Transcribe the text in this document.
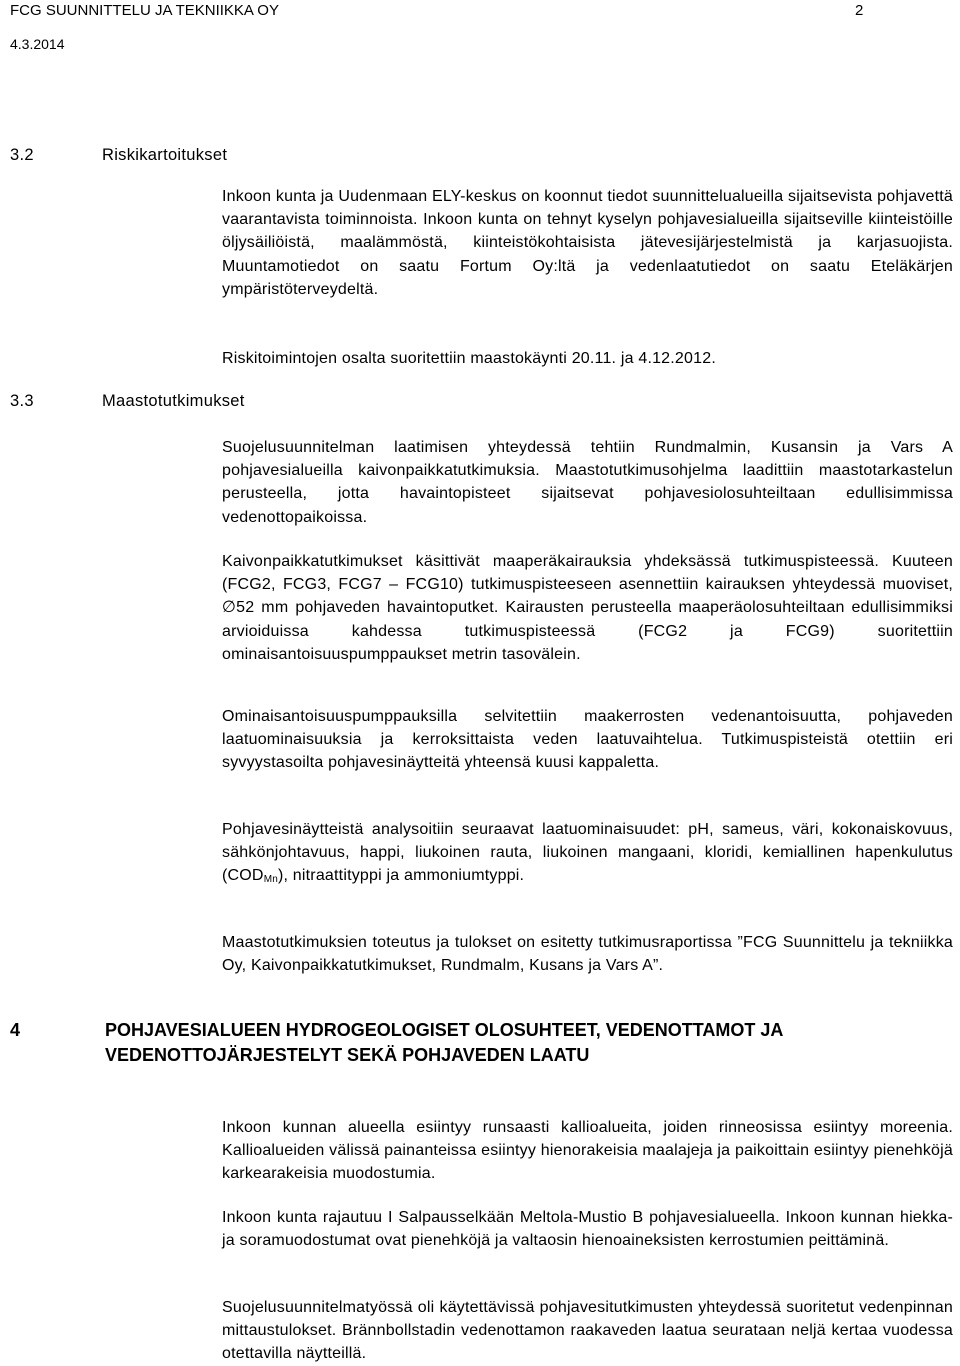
FCG SUUNNITTELU JA TEKNIIKKA OY	2
4.3.2014
3.2	Riskikartoitukset
Inkoon kunta ja Uudenmaan ELY-keskus on koonnut tiedot suunnittelualueilla sijaitsevista pohjavettä vaarantavista toiminnoista. Inkoon kunta on tehnyt kyselyn pohjavesialueilla sijaitseville kiinteistöille öljysäiliöistä, maalämmöstä, kiinteistökohtaisista jätevesijärjestelmistä ja karjasuojista. Muuntamotiedot on saatu Fortum Oy:ltä ja vedenlaatutiedot on saatu Eteläkärjen ympäristöterveydeltä.
Riskitoimintojen osalta suoritettiin maastokäynti 20.11. ja 4.12.2012.
3.3	Maastotutkimukset
Suojelusuunnitelman laatimisen yhteydessä tehtiin Rundmalmin, Kusansin ja Vars A pohjavesialueilla kaivonpaikkatutkimuksia. Maastotutkimusohjelma laadittiin maastotarkastelun perusteella, jotta havaintopisteet sijaitsevat pohjavesiolosuhteiltaan edullisimmissa vedenottopaikoissa.
Kaivonpaikkatutkimukset käsittivät maaperäkairauksia yhdeksässä tutkimuspisteessä. Kuuteen (FCG2, FCG3, FCG7 – FCG10) tutkimuspisteeseen asennettiin kairauksen yhteydessä muoviset, ∅52 mm pohjaveden havaintoputket. Kairausten perusteella maaperäolosuhteiltaan edullisimmiksi arvioiduissa kahdessa tutkimuspisteessä (FCG2 ja FCG9) suoritettiin ominaisantoisuuspumppaukset metrin tasovälein.
Ominaisantoisuuspumppauksilla selvitettiin maakerrosten vedenantoisuutta, pohjaveden laatuominaisuuksia ja kerroksittaista veden laatuvaihtelua. Tutkimuspisteistä otettiin eri syvyystasoilta pohjavesinäytteitä yhteensä kuusi kappaletta.
Pohjavesinäytteistä analysoitiin seuraavat laatuominaisuudet: pH, sameus, väri, kokonaiskovuus, sähkönjohtavuus, happi, liukoinen rauta, liukoinen mangaani, kloridi, kemiallinen hapenkulutus $(COD_{Mn})$, nitraattityppi ja ammoniumtyppi.
Maastotutkimuksien toteutus ja tulokset on esitetty tutkimusraportissa ”FCG Suunnittelu ja tekniikka Oy, Kaivonpaikkatutkimukset, Rundmalm, Kusans ja Vars A”.
4	POHJAVESIALUEEN HYDROGEOLOGISET OLOSUHTEET, VEDENOTTAMOT JA VEDENOTTOJÄRJESTELYT SEKÄ POHJAVEDEN LAATU
Inkoon kunnan alueella esiintyy runsaasti kallioalueita, joiden rinneosissa esiintyy moreenia. Kallioalueiden välissä painanteissa esiintyy hienorakeisia maalajeja ja paikoittain esiintyy pienehköjä karkearakeisia muodostumia.
Inkoon kunta rajautuu I Salpausselkään Meltola-Mustio B pohjavesialueella. Inkoon kunnan hiekka- ja soramuodostumat ovat pienehköjä ja valtaosin hienoaineksisten kerrostumien peittäminä.
Suojelusuunnitelmatyössä oli käytettävissä pohjavesitutkimusten yhteydessä suoritetut vedenpinnan mittaustulokset. Brännbollstadin vedenottamon raakaveden laatua seurataan neljä kertaa vuodessa otettavilla näytteillä.
